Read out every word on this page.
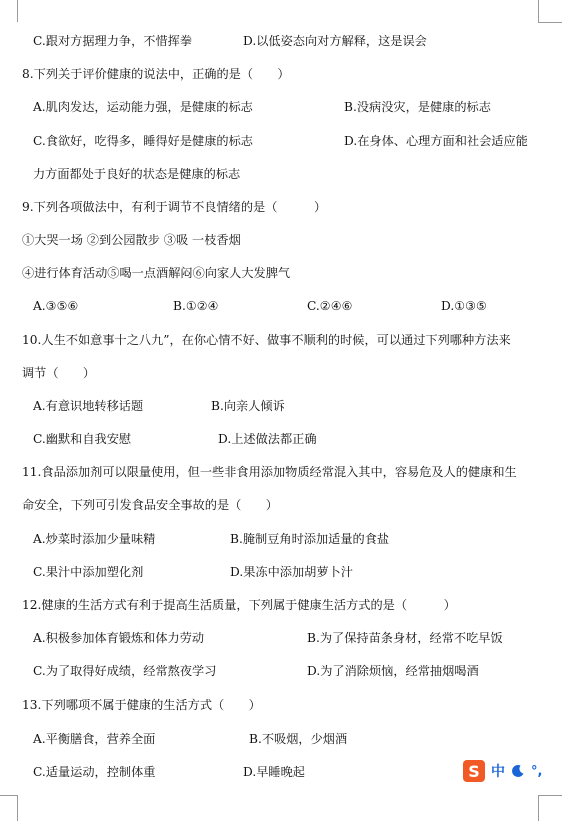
C.跟对方据理力争，不惜挥拳	D.以低姿态向对方解释，这是误会
8.下列关于评价健康的说法中，正确的是（　　）
A.肌肉发达，运动能力强，是健康的标志	B.没病没灾，是健康的标志
C.食欲好，吃得多，睡得好是健康的标志	D.在身体、心理方面和社会适应能
力方面都处于良好的状态是健康的标志
9.下列各项做法中，有利于调节不良情绪的是（　　　）
①大哭一场 ②到公园散步 ③吸 一枝香烟
④进行体育活动⑤喝一点酒解闷⑥向家人大发脾气
A.③⑤⑥	B.①②④	C.②④⑥	D.①③⑤
10.人生不如意事十之八九”，在你心情不好、做事不顺利的时候，可以通过下列哪种方法来
调节（　　）
A.有意识地转移话题	B.向亲人倾诉
C.幽默和自我安慰	D.上述做法都正确
11.食品添加剂可以限量使用，但一些非食用添加物质经常混入其中，容易危及人的健康和生
命安全，下列可引发食品安全事故的是（　　）
A.炒菜时添加少量味精	B.腌制豆角时添加适量的食盐
C.果汁中添加塑化剂	D.果冻中添加胡萝卜汁
12.健康的生活方式有利于提高生活质量，下列属于健康生活方式的是（　　　）
A.积极参加体育锻炼和体力劳动	B.为了保持苗条身材，经常不吃早饭
C.为了取得好成绩，经常熬夜学习	D.为了消除烦恼，经常抽烟喝酒
13.下列哪项不属于健康的生活方式（　　）
A.平衡膳食，营养全面	B.不吸烟，少烟酒
C.适量运动，控制体重	D.早睡晚起	S 中 °,
